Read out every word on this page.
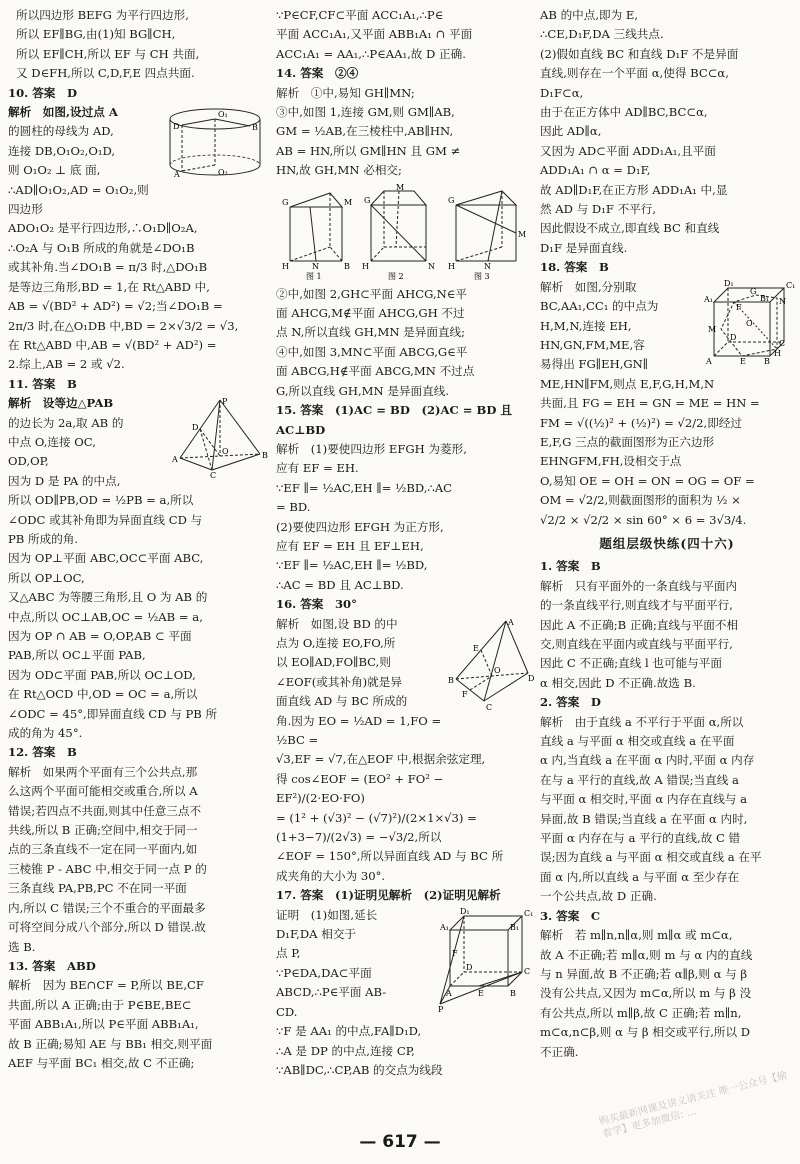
所以四边形 BEFG 为平行四边形,

所以 EF∥BG,由(1)知 BG∥CH,

所以 EF∥CH,所以 EF 与 CH 共面,

又 D∈FH,所以 C,D,F,E 四点共面.

10. 答案　D

O₁
O₂
D
A
B

解析　如图,设过点 A

的圆柱的母线为 AD,

连接 DB,O₁O₂,O₁D,

则 O₁O₂ ⊥ 底 面,

∴AD∥O₁O₂,AD = O₁O₂,则四边形

ADO₁O₂ 是平行四边形,∴O₁D∥O₂A,

∴O₂A 与 O₁B 所成的角就是∠DO₁B

或其补角.当∠DO₁B = π/3 时,△DO₁B

是等边三角形,BD = 1,在 Rt△ABD 中,

AB = √(BD² + AD²) = √2;当∠DO₁B =

2π/3 时,在△O₁DB 中,BD = 2×√3/2 = √3,

在 Rt△ABD 中,AB = √(BD² + AD²) =

2.综上,AB = 2 或 √2.

11. 答案　B

P
D
A
O	B
C

解析　设等边△PAB

的边长为 2a,取 AB 的

中点 O,连接 OC,

OD,OP,

因为 D 是 PA 的中点,

所以 OD∥PB,OD = ½PB = a,所以

∠ODC 或其补角即为异面直线 CD 与

PB 所成的角.

因为 OP⊥平面 ABC,OC⊂平面 ABC,

所以 OP⊥OC,

又△ABC 为等腰三角形,且 O 为 AB 的

中点,所以 OC⊥AB,OC = ½AB = a,

因为 OP ∩ AB = O,OP,AB ⊂ 平面

PAB,所以 OC⊥平面 PAB,

因为 OD⊂平面 PAB,所以 OC⊥OD,

在 Rt△OCD 中,OD = OC = a,所以

∠ODC = 45°,即异面直线 CD 与 PB 所

成的角为 45°.

12. 答案　B

解析　如果两个平面有三个公共点,那

么这两个平面可能相交或重合,所以 A

错误;若四点不共面,则其中任意三点不

共线,所以 B 正确;空间中,相交于同一

点的三条直线不一定在同一平面内,如

三棱锥 P - ABC 中,相交于同一点 P 的

三条直线 PA,PB,PC 不在同一平面

内,所以 C 错误;三个不重合的平面最多

可将空间分成八个部分,所以 D 错误.故

选 B.

13. 答案　ABD

解析　因为 BE∩CF = P,所以 BE,CF

共面,所以 A 正确;由于 P∈BE,BE⊂

平面 ABB₁A₁,所以 P∈平面 ABB₁A₁,

故 B 正确;易知 AE 与 BB₁ 相交,则平面

AEF 与平面 BC₁ 相交,故 C 不正确;

∵P∈CF,CF⊂平面 ACC₁A₁,∴P∈

平面 ACC₁A₁,又平面 ABB₁A₁ ∩ 平面

ACC₁A₁ = AA₁,∴P∈AA₁,故 D 正确.

14. 答案　②④

解析　①中,易知 GH∥MN;

③中,如图 1,连接 GM,则 GM∥AB,

GM = ½AB,在三棱柱中,AB∥HN,

AB = HN,所以 GM∥HN 且 GM ≠

HN,故 GH,MN 必相交;

G	M
H	B
N
图 1
G
M
H	N
图 2
G
H
M
N
图 3

②中,如图 2,GH⊂平面 AHCG,N∈平

面 AHCG,M∉平面 AHCG,GH 不过

点 N,所以直线 GH,MN 是异面直线;

④中,如图 3,MN⊂平面 ABCG,G∈平

面 ABCG,H∉平面 ABCG,MN 不过点

G,所以直线 GH,MN 是异面直线.

15. 答案　(1)AC = BD　(2)AC = BD 且

AC⊥BD

解析　(1)要使四边形 EFGH 为菱形,

应有 EF = EH.

∵EF ∥= ½AC,EH ∥= ½BD,∴AC

= BD.

(2)要使四边形 EFGH 为正方形,

应有 EF = EH 且 EF⊥EH,

∵EF ∥= ½AC,EH ∥= ½BD,

∴AC = BD 且 AC⊥BD.

16. 答案　30°

A
E
B
O
F
D
C

解析　如图,设 BD 的中

点为 O,连接 EO,FO,所

以 EO∥AD,FO∥BC,则

∠EOF(或其补角)就是异

面直线 AD 与 BC 所成的

角.因为 EO = ½AD = 1,FO = ½BC =

√3,EF = √7,在△EOF 中,根据余弦定理,

得 cos∠EOF = (EO² + FO² − EF²)/(2·EO·FO)

= (1² + (√3)² − (√7)²)/(2×1×√3) = (1+3−7)/(2√3) = −√3/2,所以

∠EOF = 150°,所以异面直线 AD 与 BC 所

成夹角的大小为 30°.

17. 答案　(1)证明见解析　(2)证明见解析

D₁	C₁
A₁	B₁
F
D	C
A	E	B
P

证明　(1)如图,延长

D₁F,DA 相交于

点 P,

∵P∈DA,DA⊂平面

ABCD,∴P∈平面 AB-

CD.

∵F 是 AA₁ 的中点,FA∥D₁D,

∴A 是 DP 的中点,连接 CP,

∵AB∥DC,∴CP,AB 的交点为线段

AB 的中点,即为 E,

∴CE,D₁F,DA 三线共点.

(2)假如直线 BC 和直线 D₁F 不是异面

直线,则存在一个平面 α,使得 BC⊂α,

D₁F⊂α,

由于在正方体中 AD∥BC,BC⊂α,

因此 AD∥α,

又因为 AD⊂平面 ADD₁A₁,且平面

ADD₁A₁ ∩ α = D₁F,

故 AD∥D₁F,在正方形 ADD₁A₁ 中,显

然 AD 与 D₁F 不平行,

因此假设不成立,即直线 BC 和直线

D₁F 是异面直线.

18. 答案　B

D₁	C₁
A₁	B₁
G
N
F
M
O
C
D
A	E B
H

解析　如图,分别取

BC,AA₁,CC₁ 的中点为

H,M,N,连接 EH,

HN,GN,FM,ME,容

易得出 FG∥EH,GN∥

ME,HN∥FM,则点 E,F,G,H,M,N

共面,且 FG = EH = GN = ME = HN =

FM = √((½)² + (½)²) = √2/2,即经过

E,F,G 三点的截面图形为正六边形

EHNGFM,FH,设相交于点

O,易知 OE = OH = ON = OG = OF =

OM = √2/2,则截面图形的面积为 ½ ×

√2/2 × √2/2 × sin 60° × 6 = 3√3/4.

题组层级快练(四十六)

1. 答案　B

解析　只有平面外的一条直线与平面内

的一条直线平行,则直线才与平面平行,

因此 A 不正确;B 正确;直线与平面不相

交,则直线在平面内或直线与平面平行,

因此 C 不正确;直线 l 也可能与平面

α 相交,因此 D 不正确.故选 B.

2. 答案　D

解析　由于直线 a 不平行于平面 α,所以

直线 a 与平面 α 相交或直线 a 在平面

α 内,当直线 a 在平面 α 内时,平面 α 内存

在与 a 平行的直线,故 A 错误;当直线 a

与平面 α 相交时,平面 α 内存在直线与 a

异面,故 B 错误;当直线 a 在平面 α 内时,

平面 α 内存在与 a 平行的直线,故 C 错

误;因为直线 a 与平面 α 相交或直线 a 在平

面 α 内,所以直线 a 与平面 α 至少存在

一个公共点,故 D 正确.

3. 答案　C

解析　若 m∥n,n∥α,则 m∥α 或 m⊂α,

故 A 不正确;若 m∥α,则 m 与 α 内的直线

与 n 异面,故 B 不正确;若 α∥β,则 α 与 β

没有公共点,又因为 m⊂α,所以 m 与 β 没

有公共点,所以 m∥β,故 C 正确;若 m∥n,

m⊂α,n⊂β,则 α 与 β 相交或平行,所以 D

不正确.

— 617 —
购买最新网课及讲义请关注 唯一公众号【偷着学】更多加微信: ...
